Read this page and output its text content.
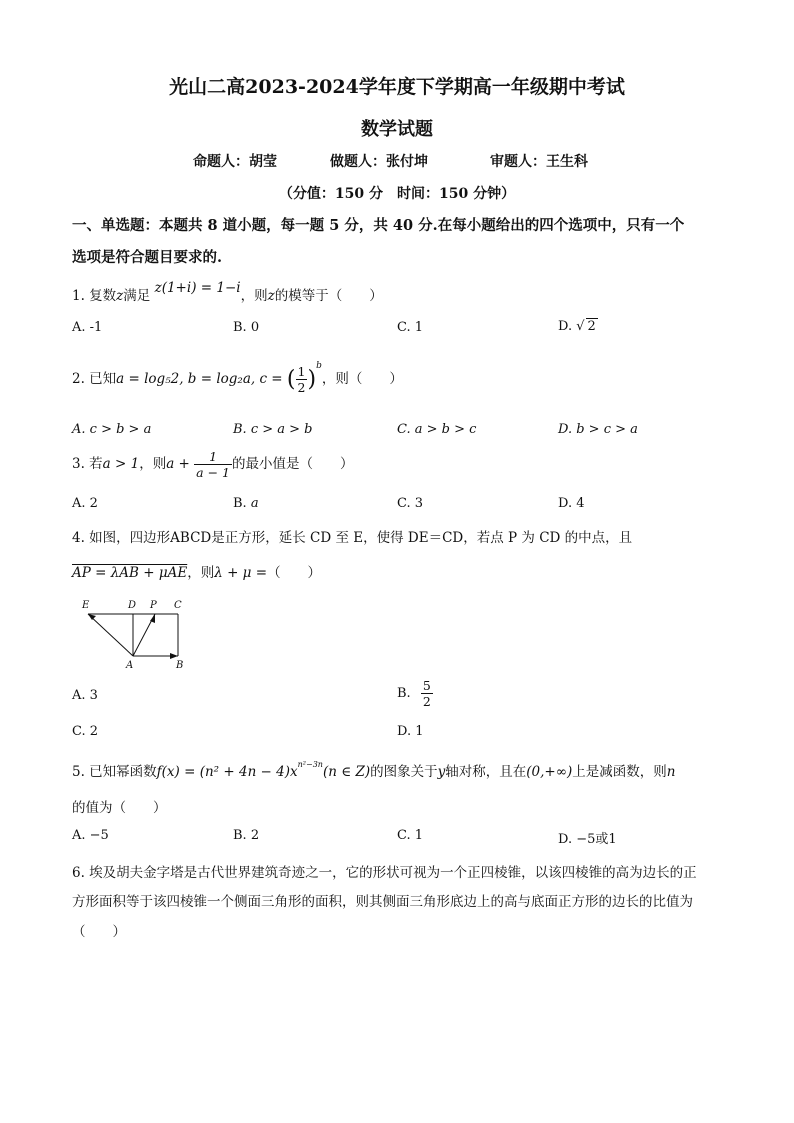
光山二高2023-2024学年度下学期高一年级期中考试
数学试题
命题人：胡莹	做题人：张付坤	审题人：王生科
（分值：150 分　时间：150 分钟）
一、单选题：本题共 8 道小题，每一题 5 分，共 40 分.在每小题给出的四个选项中，只有一个
选项是符合题目要求的.
1. 复数z满足 z(1+i) = 1−i，则z的模等于（　　）
A. -1	B. 0	C. 1	D. √ 2
2. 已知a = log₅2, b = log₂a, c = ( $\frac{1}{2} )^b$，则（　　）
A. c > b > a	B. c > a > b	C. a > b > c	D. b > c > a
3. 若a > 1，则$a + \frac{1}{a - 1}$ 的最小值是（　　）
A. 2	B. a	C. 3	D. 4
4. 如图，四边形ABCD是正方形，延长 CD 至 E，使得 DE＝CD，若点 P 为 CD 的中点，且
AP = λAB + μAE，则λ + μ =（　　）
E	D P C
A	B
A. 3	B. $\frac{5}{2}$
C. 2	D. 1
5. 已知幂函数$f(x) = (n^2 + 4n - 4)x^{n^2-3n}(n$ ∈ Z)的图象关于y轴对称，且在(0,+∞)上是减函数，则n
的值为（　　）
A. −5	B. 2	C. 1	D. −5或1
6. 埃及胡夫金字塔是古代世界建筑奇迹之一，它的形状可视为一个正四棱锥，以该四棱锥的高为边长的正
方形面积等于该四棱锥一个侧面三角形的面积，则其侧面三角形底边上的高与底面正方形的边长的比值为
（　　）
